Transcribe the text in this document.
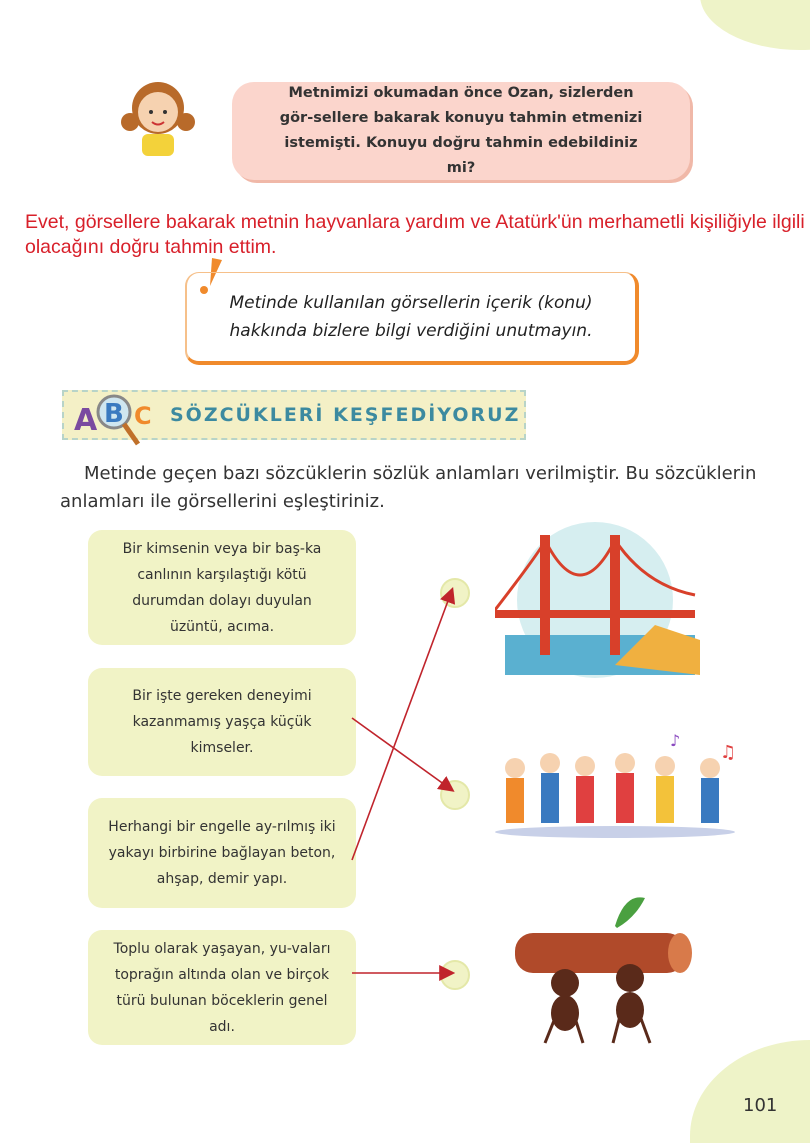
Metnimizi okumadan önce Ozan, sizlerden gör-sellere bakarak konuyu tahmin etmenizi istemişti. Konuyu doğru tahmin edebildiniz mi?
Evet, görsellere bakarak metnin hayvanlara yardım ve Atatürk'ün merhametli kişiliğiyle ilgili olacağını doğru tahmin ettim.
Metinde kullanılan görsellerin içerik (konu) hakkında bizlere bilgi verdiğini unutmayın.
A B C SÖZCÜKLERİ KEŞFEDİYORUZ
Metinde geçen bazı sözcüklerin sözlük anlamları verilmiştir. Bu sözcüklerin anlamları ile görsellerini eşleştiriniz.
Bir kimsenin veya bir baş-ka canlının karşılaştığı kötü durumdan dolayı duyulan üzüntü, acıma.
Bir işte gereken deneyimi kazanmamış yaşça küçük kimseler.
Herhangi bir engelle ay-rılmış iki yakayı birbirine bağlayan beton, ahşap, demir yapı.
Toplu olarak yaşayan, yu-vaları toprağın altında olan ve birçok türü bulunan böceklerin genel adı.
♪
♫
101
